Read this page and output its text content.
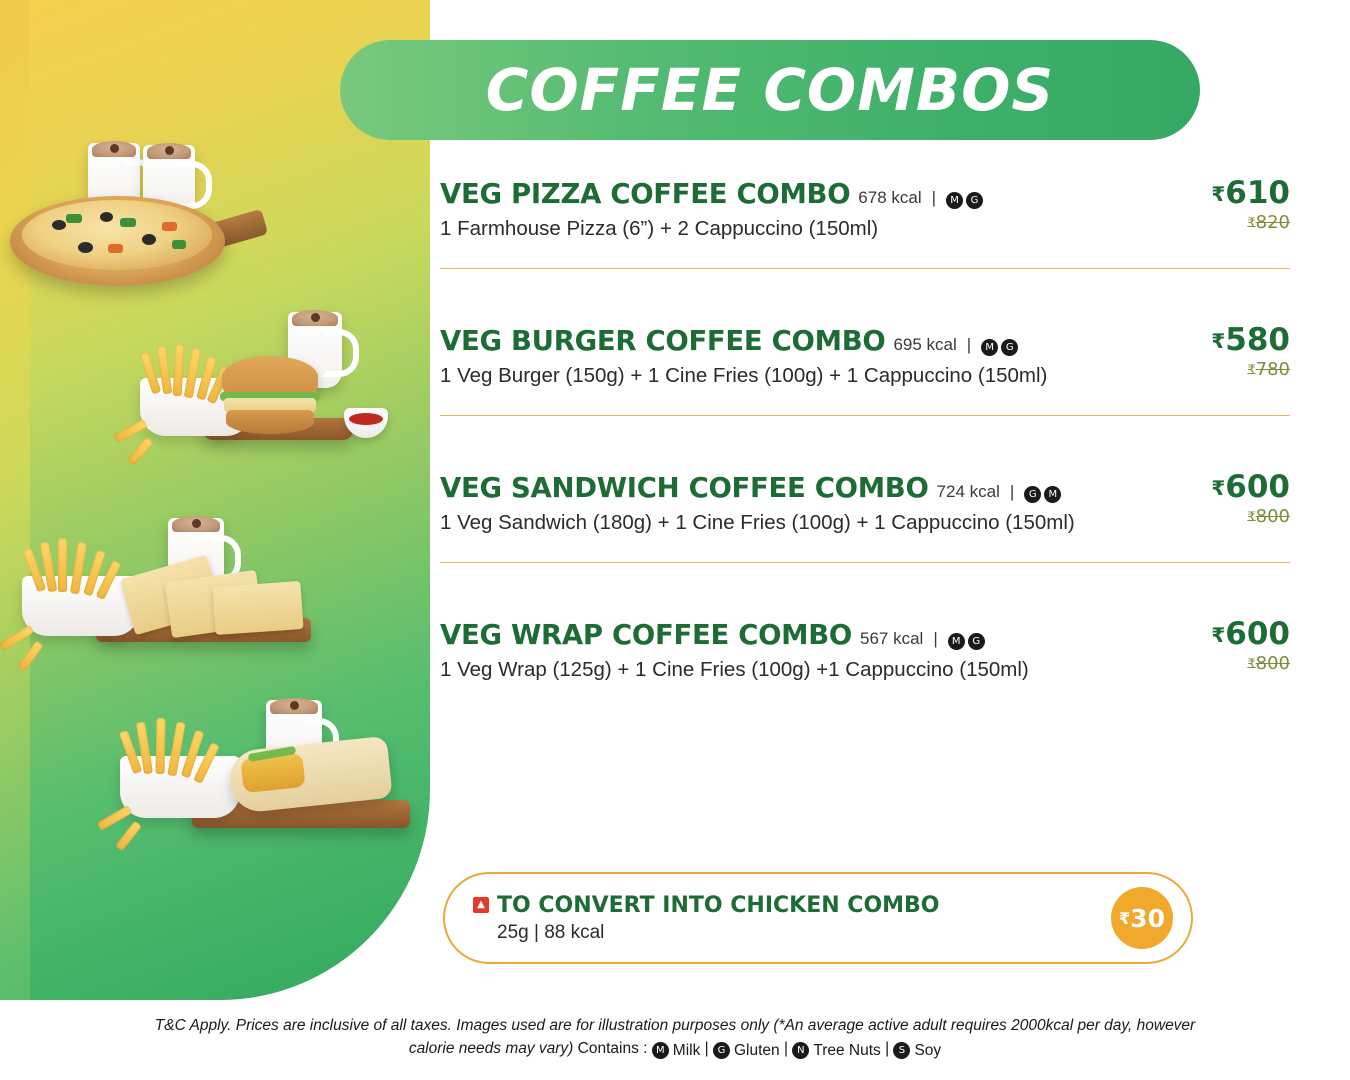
COFFEE COMBOS
VEG PIZZA COFFEE COMBO 678 kcal |	M	G
1 Farmhouse Pizza (6”) + 2 Cappuccino (150ml)
₹610
₹820
VEG BURGER COFFEE COMBO 695 kcal |	M	G
1 Veg Burger (150g) + 1 Cine Fries (100g) + 1 Cappuccino (150ml)
₹580
₹780
VEG SANDWICH COFFEE COMBO 724 kcal |	G	M
1 Veg Sandwich (180g) + 1 Cine Fries (100g) + 1 Cappuccino (150ml)
₹600
₹800
VEG WRAP COFFEE COMBO 567 kcal |	M	G
1 Veg Wrap (125g) + 1 Cine Fries (100g) +1 Cappuccino (150ml)
₹600
₹800
▲ TO CONVERT INTO CHICKEN COMBO
25g | 88 kcal
₹ 30
T&C Apply. Prices are inclusive of all taxes. Images used are for illustration purposes only (*An average active adult requires 2000kcal per day, however
calorie needs may vary) Contains : M Milk | G Gluten | N Tree Nuts | S Soy
